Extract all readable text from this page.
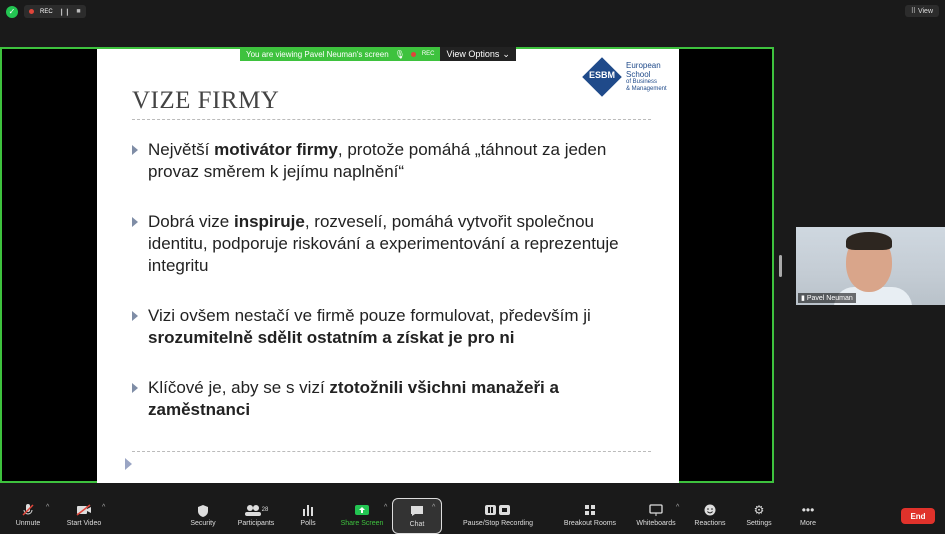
✓	REC ❙❙ ■	⠿ View
You are viewing Pavel Neuman's screen 🎙	REC View Options ⌄
ESBM
European
School
of Business
& Management
VIZE FIRMY
Největší motivátor firmy, protože pomáhá „táhnout za jeden provaz směrem k jejímu naplnění“
Dobrá vize inspiruje, rozveselí, pomáhá vytvořit společnou identitu, podporuje riskování a experimentování a reprezentuje integritu
Vizi ovšem nestačí ve firmě pouze formulovat, především ji srozumitelně sdělit ostatním a získat je pro ni
Klíčové je, aby se s vizí ztotožnili všichni manažeři a zaměstnanci
▮ Pavel Neuman
Unmute
^
Start Video
^
Security
28
Participants	Polls	Share Screen
^
Chat
^
Pause/Stop Recording	Breakout Rooms	Whiteboards
^
Reactions
⚙
Settings
•••
More
End
